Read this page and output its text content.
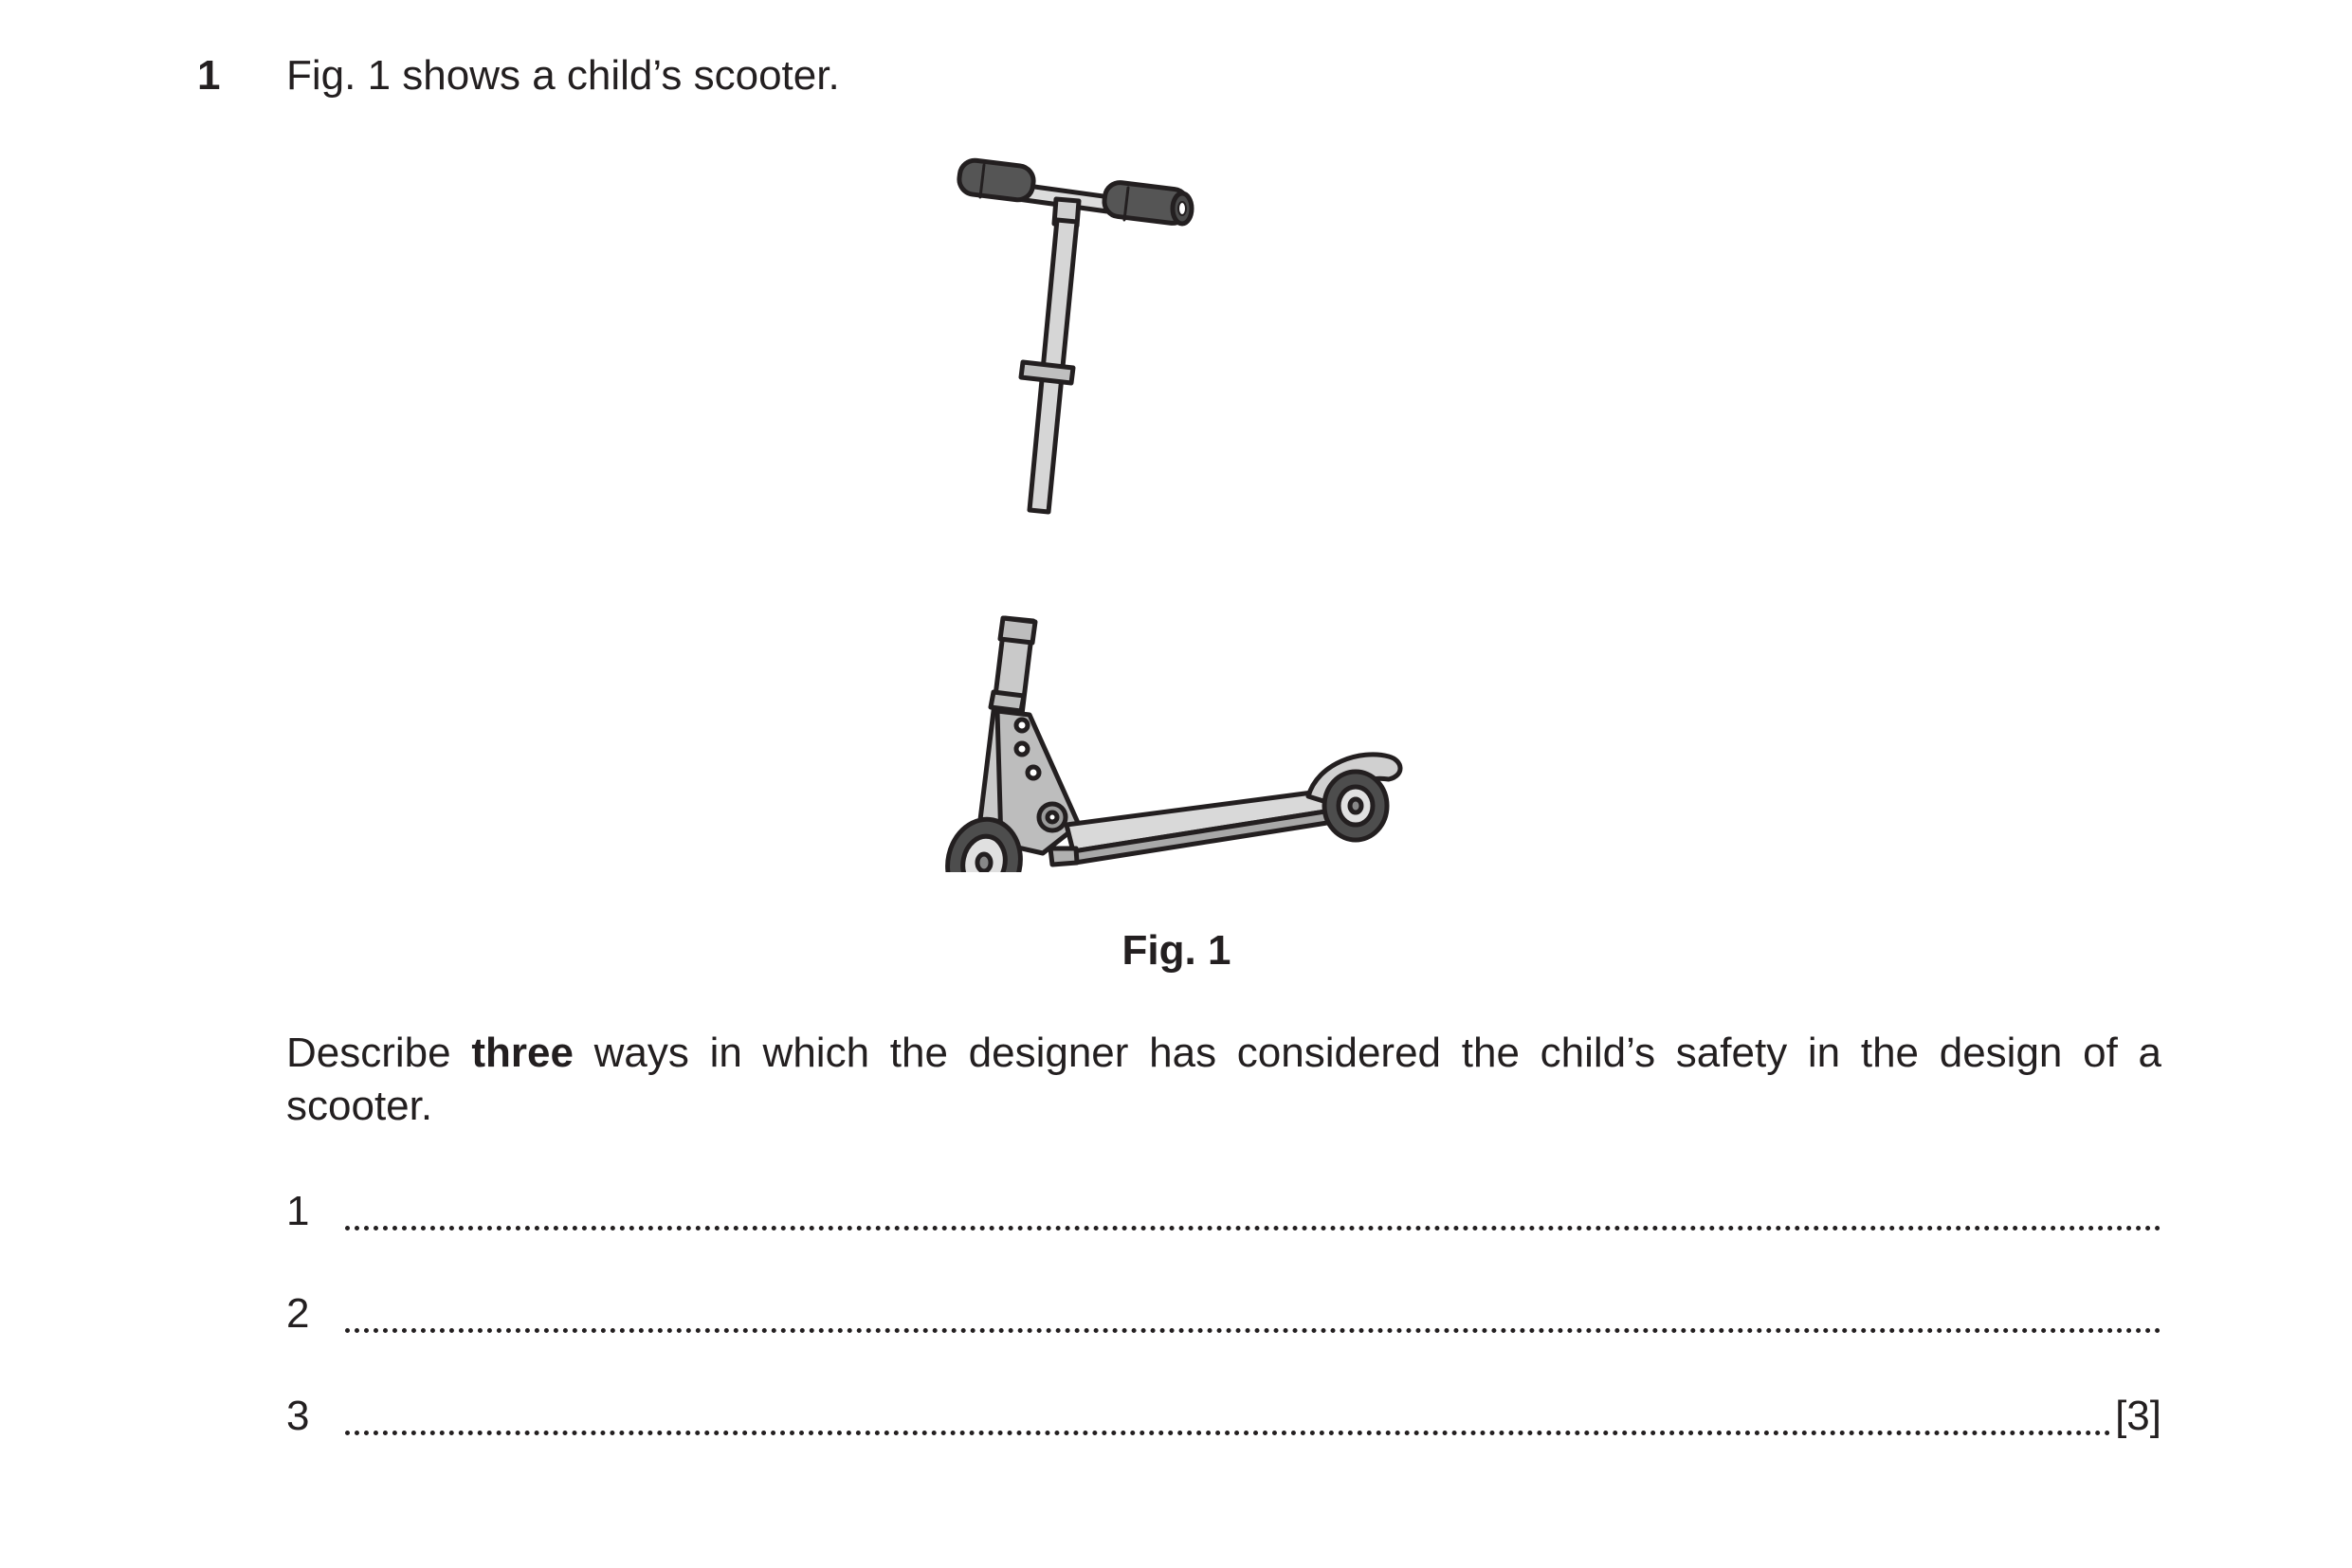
1 Fig. 1 shows a child’s scooter.
Fig. 1
Describe three ways in which the designer has considered the child’s safety in the design of a scooter.
1
2
3	[3]
